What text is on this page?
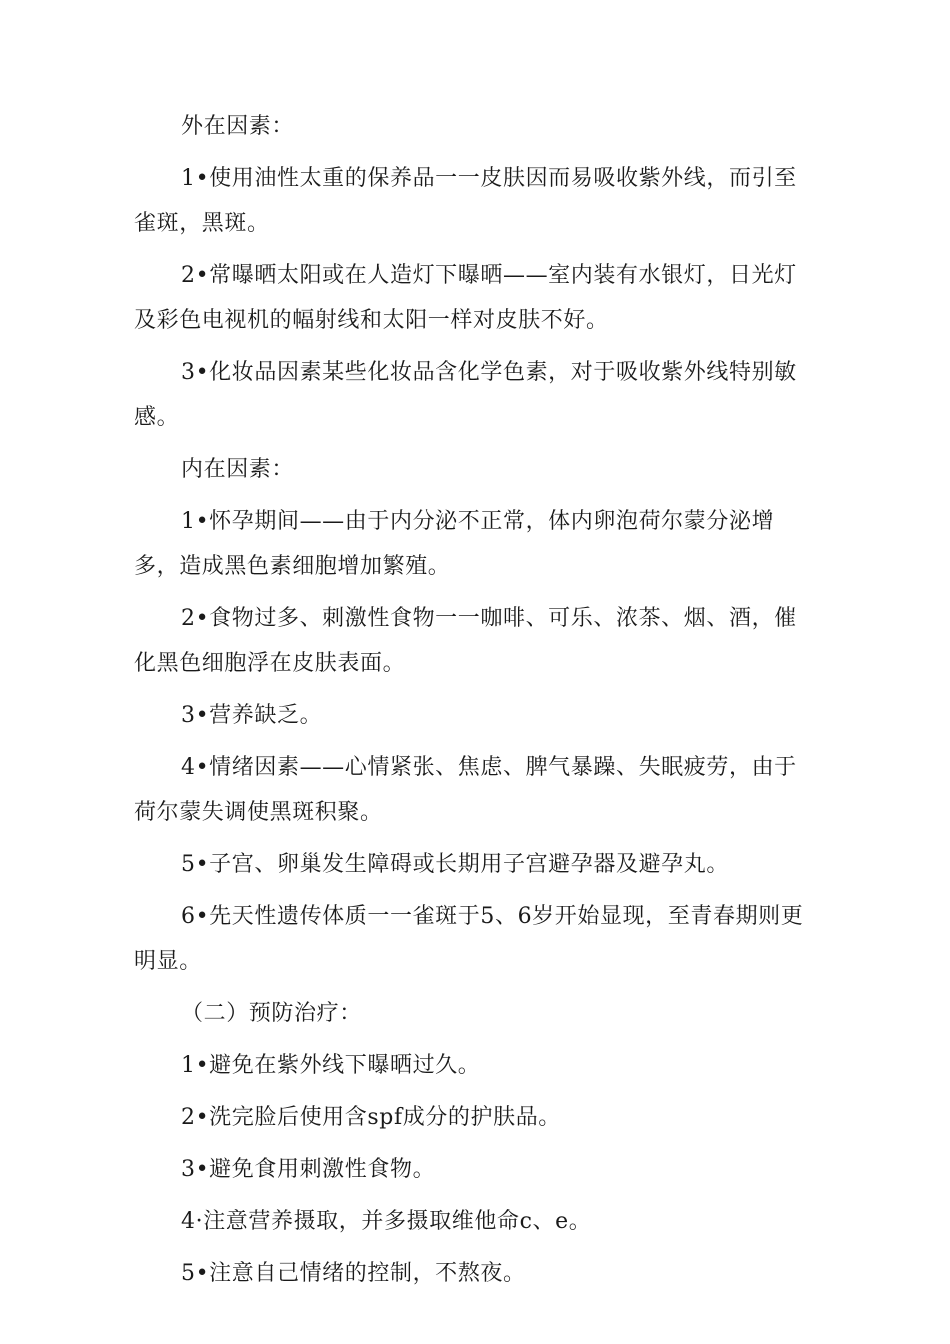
外在因素：

1•使用油性太重的保养品一一皮肤因而易吸收紫外线，而引至雀斑，黑斑。

2•常曝晒太阳或在人造灯下曝晒——室内装有水银灯，日光灯及彩色电视机的幅射线和太阳一样对皮肤不好。

3•化妆品因素某些化妆品含化学色素，对于吸收紫外线特别敏感。

内在因素：

1•怀孕期间——由于内分泌不正常，体内卵泡荷尔蒙分泌增多，造成黑色素细胞增加繁殖。

2•食物过多、刺激性食物一一咖啡、可乐、浓茶、烟、酒，催化黑色细胞浮在皮肤表面。

3•营养缺乏。

4•情绪因素——心情紧张、焦虑、脾气暴躁、失眠疲劳，由于荷尔蒙失调使黑斑积聚。

5•子宫、卵巢发生障碍或长期用子宫避孕器及避孕丸。

6•先天性遗传体质一一雀斑于5、6岁开始显现，至青春期则更明显。

（二）预防治疗：

1•避免在紫外线下曝晒过久。

2•洗完脸后使用含spf成分的护肤品。

3•避免食用刺激性食物。

4·注意营养摄取，并多摄取维他命c、e。

5•注意自己情绪的控制，不熬夜。
